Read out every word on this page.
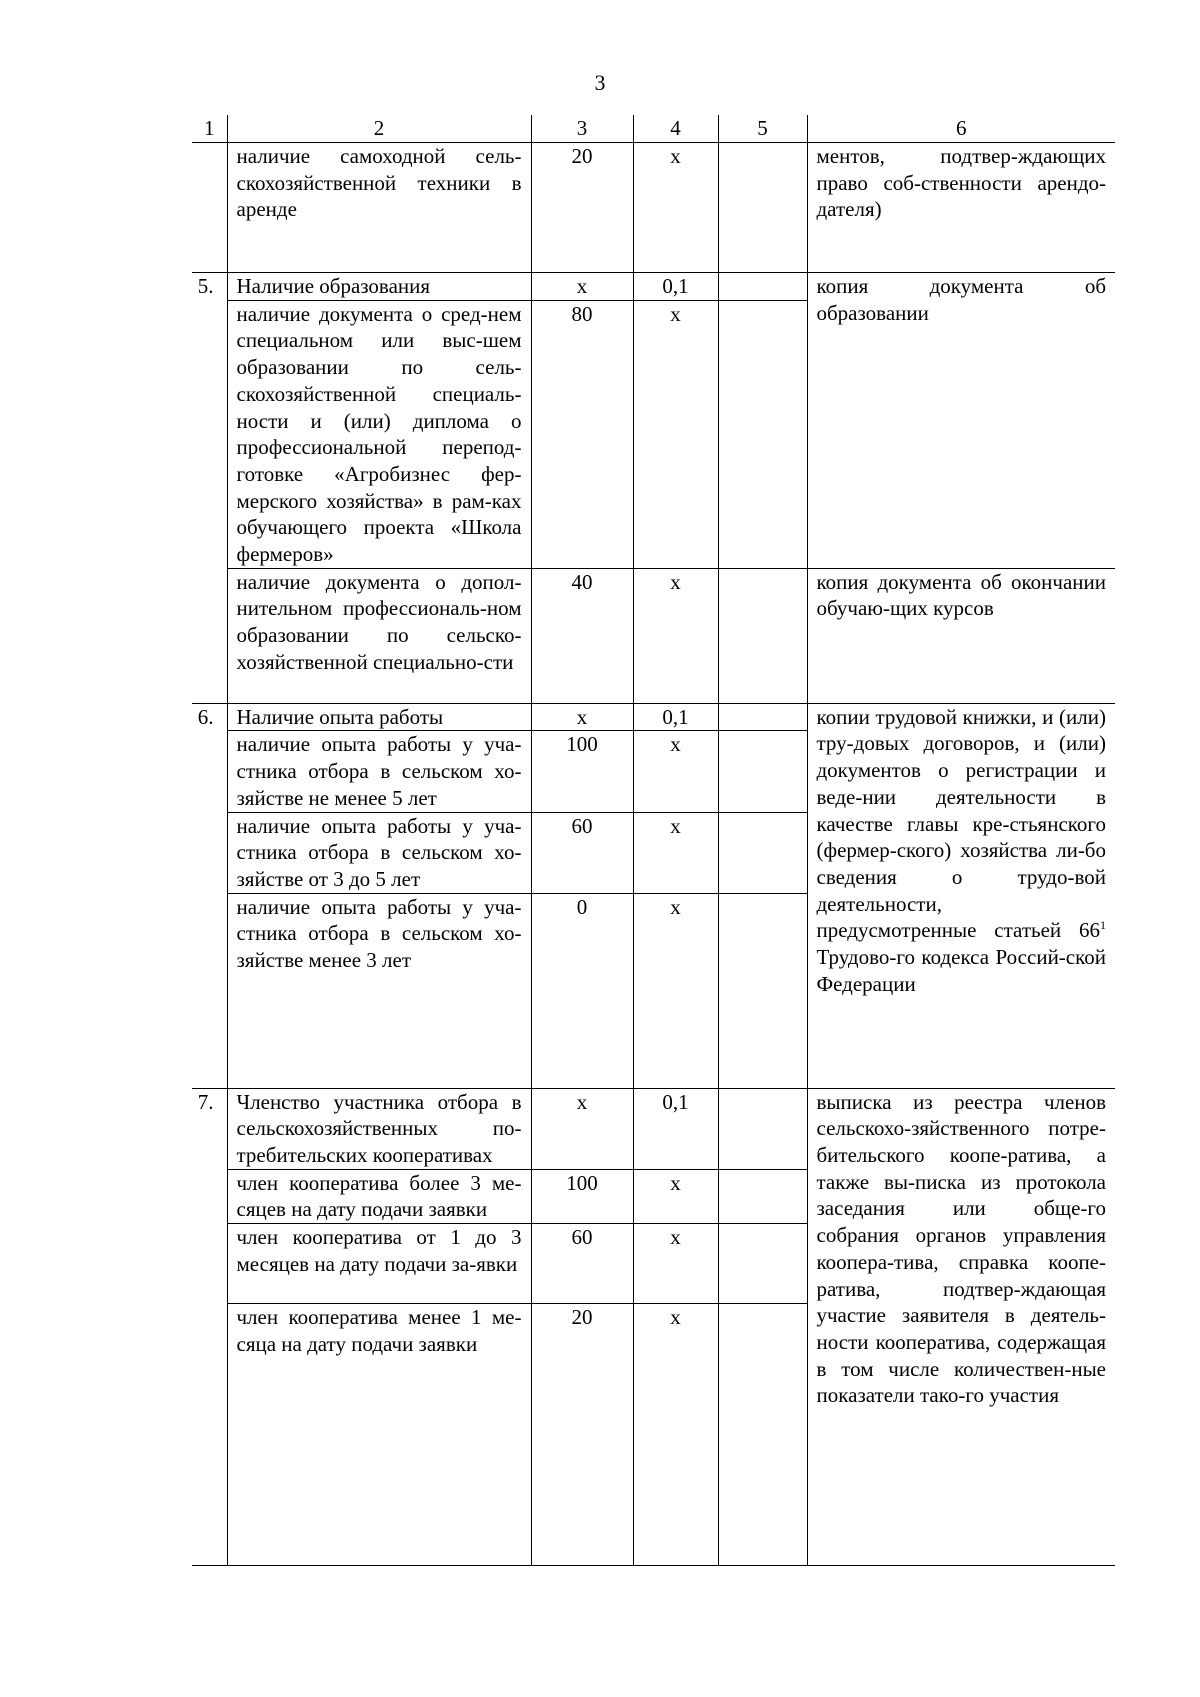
3
1	2	3	4	5	6
	наличие самоходной сель-скохозяйственной техники в аренде	20	х		ментов, подтвер-ждающих право соб-ственности арендо-дателя)
5.	Наличие образования	х	0,1		копия документа об образовании
	наличие документа о сред-нем специальном или выс-шем образовании по сель-скохозяйственной специаль-ности и (или) диплома о профессиональной перепод-готовке «Агробизнес фер-мерского хозяйства» в рам-ках обучающего проекта «Школа фермеров»	80	х		
	наличие документа о допол-нительном профессиональ-ном образовании по сельско-хозяйственной специально-сти	40	х		копия документа об окончании обучаю-щих курсов
6.	Наличие опыта работы	х	0,1		копии трудовой книжки, и (или) тру-довых договоров, и (или) документов о регистрации и веде-нии деятельности в качестве главы кре-стьянского (фермер-ского) хозяйства ли-бо сведения о трудо-вой деятельности, предусмотренные статьей $66^1$ Трудово-го кодекса Россий-ской Федерации
	наличие опыта работы у уча-стника отбора в сельском хо-зяйстве не менее 5 лет	100	х		
	наличие опыта работы у уча-стника отбора в сельском хо-зяйстве от 3 до 5 лет	60	х		
	наличие опыта работы у уча-стника отбора в сельском хо-зяйстве менее 3 лет	0	х		
7.	Членство участника отбора в сельскохозяйственных по-требительских кооперативах	х	0,1		выписка из реестра членов сельскохо-зяйственного потре-бительского коопе-ратива, а также вы-писка из протокола заседания или обще-го собрания органов управления коопера-тива, справка коопе-ратива, подтвер-ждающая участие заявителя в деятель-ности кооператива, содержащая в том числе количествен-ные показатели тако-го участия
	член кооператива более 3 ме-сяцев на дату подачи заявки	100	х		
	член кооператива от 1 до 3 месяцев на дату подачи за-явки	60	х		
	член кооператива менее 1 ме-сяца на дату подачи заявки	20	х		
